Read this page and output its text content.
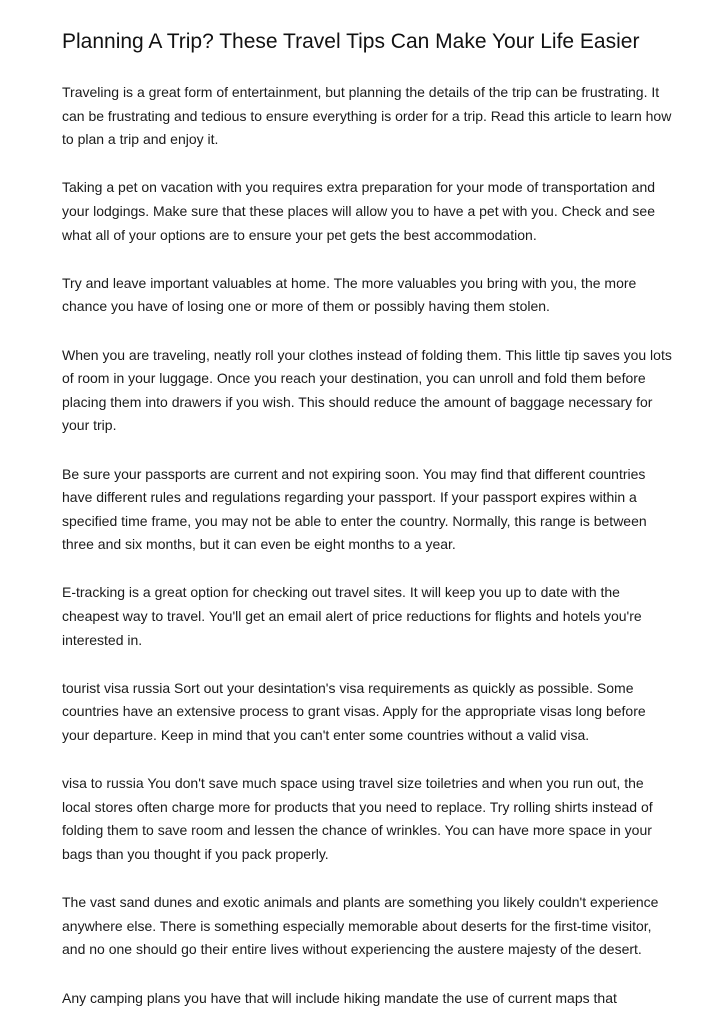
Planning A Trip? These Travel Tips Can Make Your Life Easier

Traveling is a great form of entertainment, but planning the details of the trip can be frustrating. It can be frustrating and tedious to ensure everything is order for a trip. Read this article to learn how to plan a trip and enjoy it.

Taking a pet on vacation with you requires extra preparation for your mode of transportation and your lodgings. Make sure that these places will allow you to have a pet with you. Check and see what all of your options are to ensure your pet gets the best accommodation.

Try and leave important valuables at home. The more valuables you bring with you, the more chance you have of losing one or more of them or possibly having them stolen.

When you are traveling, neatly roll your clothes instead of folding them. This little tip saves you lots of room in your luggage. Once you reach your destination, you can unroll and fold them before placing them into drawers if you wish. This should reduce the amount of baggage necessary for your trip.

Be sure your passports are current and not expiring soon. You may find that different countries have different rules and regulations regarding your passport. If your passport expires within a specified time frame, you may not be able to enter the country. Normally, this range is between three and six months, but it can even be eight months to a year.

E-tracking is a great option for checking out travel sites. It will keep you up to date with the cheapest way to travel. You'll get an email alert of price reductions for flights and hotels you're interested in.

tourist visa russia Sort out your desintation's visa requirements as quickly as possible. Some countries have an extensive process to grant visas. Apply for the appropriate visas long before your departure. Keep in mind that you can't enter some countries without a valid visa.

visa to russia You don't save much space using travel size toiletries and when you run out, the local stores often charge more for products that you need to replace. Try rolling shirts instead of folding them to save room and lessen the chance of wrinkles. You can have more space in your bags than you thought if you pack properly.

The vast sand dunes and exotic animals and plants are something you likely couldn't experience anywhere else. There is something especially memorable about deserts for the first-time visitor, and no one should go their entire lives without experiencing the austere majesty of the desert.

Any camping plans you have that will include hiking mandate the use of current maps that
